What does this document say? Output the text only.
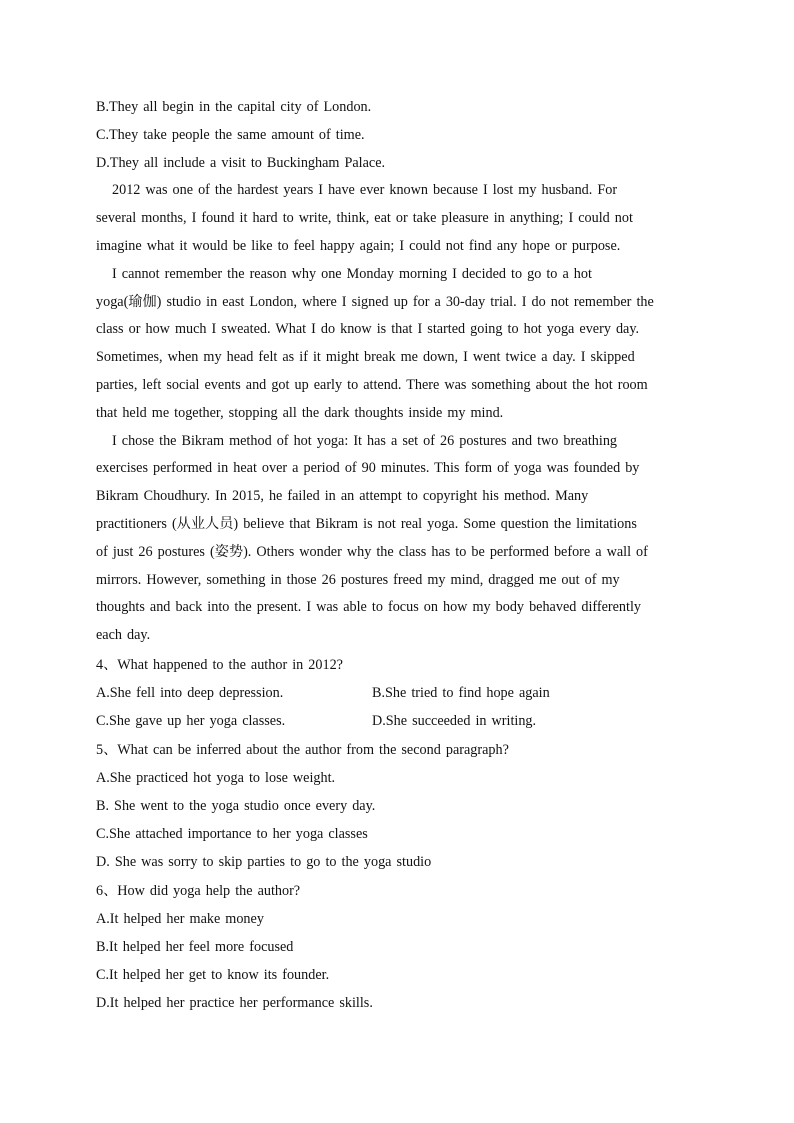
B.They all begin in the capital city of London.
C.They take people the same amount of time.
D.They all include a visit to Buckingham Palace.
2012 was one of the hardest years I have ever known because I lost my husband. For
several months, I found it hard to write, think, eat or take pleasure in anything; I could not
imagine what it would be like to feel happy again; I could not find any hope or purpose.
I cannot remember the reason why one Monday morning I decided to go to a hot
yoga(瑜伽) studio in east London, where I signed up for a 30-day trial. I do not remember the
class or how much I sweated. What I do know is that I started going to hot yoga every day.
Sometimes, when my head felt as if it might break me down, I went twice a day. I skipped
parties, left social events and got up early to attend. There was something about the hot room
that held me together, stopping all the dark thoughts inside my mind.
I chose the Bikram method of hot yoga: It has a set of 26 postures and two breathing
exercises performed in heat over a period of 90 minutes. This form of yoga was founded by
Bikram Choudhury. In 2015, he failed in an attempt to copyright his method. Many
practitioners (从业人员) believe that Bikram is not real yoga. Some question the limitations
of just 26 postures (姿势). Others wonder why the class has to be performed before a wall of
mirrors. However, something in those 26 postures freed my mind, dragged me out of my
thoughts and back into the present. I was able to focus on how my body behaved differently
each day.
4、What happened to the author in 2012?
A.She fell into deep depression.	B.She tried to find hope again
C.She gave up her yoga classes.	D.She succeeded in writing.
5、What can be inferred about the author from the second paragraph?
A.She practiced hot yoga to lose weight.
B. She went to the yoga studio once every day.
C.She attached importance to her yoga classes
D. She was sorry to skip parties to go to the yoga studio
6、How did yoga help the author?
A.It helped her make money
B.It helped her feel more focused
C.It helped her get to know its founder.
D.It helped her practice her performance skills.
